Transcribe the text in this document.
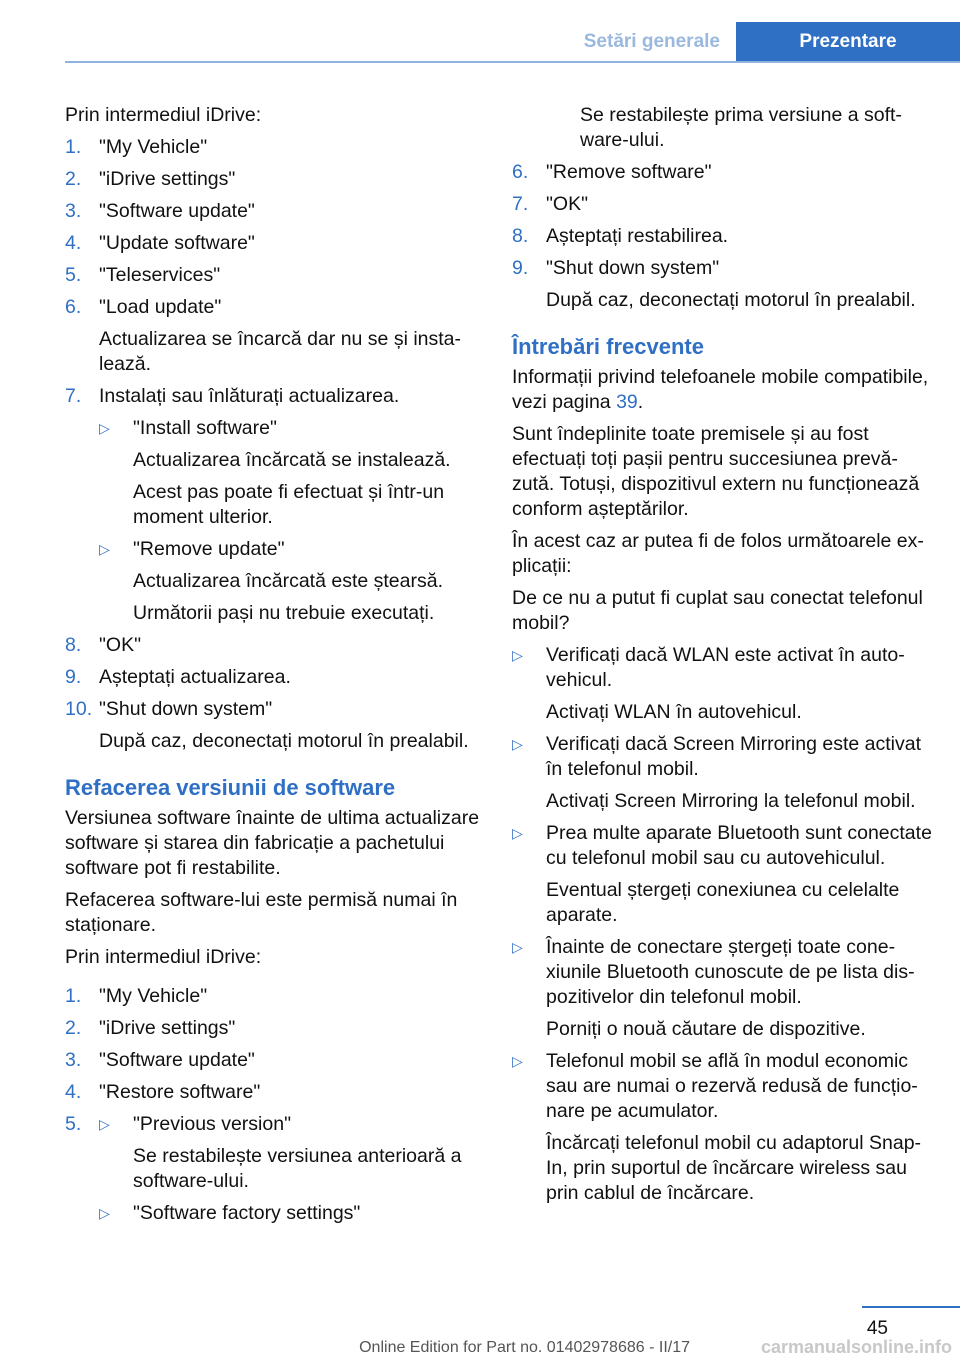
Setări generale	Prezentare

Prin intermediul iDrive:

1. "My Vehicle"
2. "iDrive settings"
3. "Software update"
4. "Update software"
5. "Teleservices"
6. "Load update"
Actualizarea se încarcă dar nu se și instalează.
7. Instalați sau înlăturați actualizarea.
▷ "Install software"
Actualizarea încărcată se instalează.
Acest pas poate fi efectuat și într-un moment ulterior.
▷ "Remove update"
Actualizarea încărcată este ștearsă.
Următorii pași nu trebuie executați.
8. "OK"
9. Așteptați actualizarea.
10. "Shut down system"
După caz, deconectați motorul în prealabil.
Refacerea versiunii de software

Versiunea software înainte de ultima actualizare software și starea din fabricație a pachetului software pot fi restabilite.

Refacerea software-lui este permisă numai în staționare.

Prin intermediul iDrive:

1. "My Vehicle"
2. "iDrive settings"
3. "Software update"
4. "Restore software"
5. ▷ "Previous version"
Se restabilește versiunea anterioară a software-ului.
▷ "Software factory settings"
Se restabilește prima versiune a software-ului.
6. "Remove software"
7. "OK"
8. Așteptați restabilirea.
9. "Shut down system"
După caz, deconectați motorul în prealabil.
Întrebări frecvente

Informații privind telefoanele mobile compatibile, vezi pagina 39.

Sunt îndeplinite toate premisele și au fost efectuați toți pașii pentru succesiunea prevăzută. Totuși, dispozitivul extern nu funcționează conform așteptărilor.

În acest caz ar putea fi de folos următoarele explicații:

De ce nu a putut fi cuplat sau conectat telefonul mobil?

▷ Verificați dacă WLAN este activat în autovehicul.
Activați WLAN în autovehicul.
▷ Verificați dacă Screen Mirroring este activat în telefonul mobil.
Activați Screen Mirroring la telefonul mobil.
▷ Prea multe aparate Bluetooth sunt conectate cu telefonul mobil sau cu autovehiculul.
Eventual ștergeți conexiunea cu celelalte aparate.
▷ Înainte de conectare ștergeți toate conexiunile Bluetooth cunoscute de pe lista dispozitivelor din telefonul mobil.
Porniți o nouă căutare de dispozitive.
▷ Telefonul mobil se află în modul economic sau are numai o rezervă redusă de funcționare pe acumulator.
Încărcați telefonul mobil cu adaptorul Snap-In, prin suportul de încărcare wireless sau prin cablul de încărcare.
45
Online Edition for Part no. 01402978686 - II/17	carmanualsonline.info
